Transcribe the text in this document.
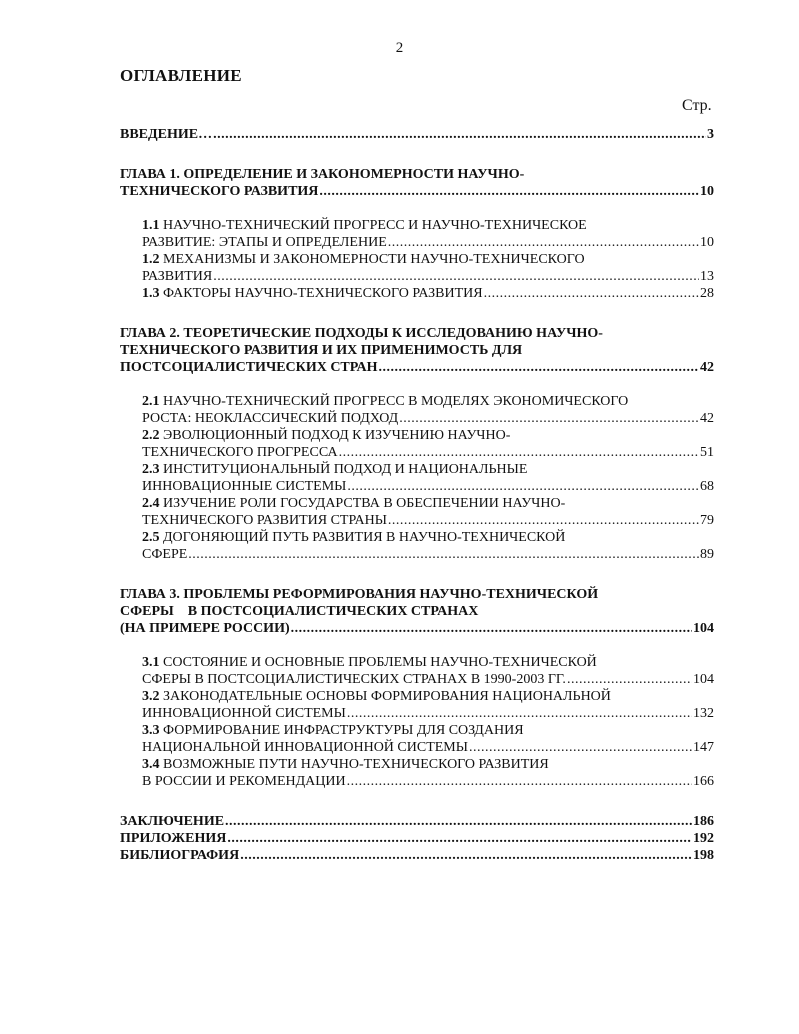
2
ОГЛАВЛЕНИЕ
Стр.
ВВЕДЕНИЕ … .....	3
ГЛАВА 1. ОПРЕДЕЛЕНИЕ И ЗАКОНОМЕРНОСТИ НАУЧНО-
ТЕХНИЧЕСКОГО РАЗВИТИЯ .....	10
1.1 НАУЧНО-ТЕХНИЧЕСКИЙ ПРОГРЕСС И НАУЧНО-ТЕХНИЧЕСКОЕ
РАЗВИТИЕ: ЭТАПЫ И ОПРЕДЕЛЕНИЕ .....	10
1.2 МЕХАНИЗМЫ И ЗАКОНОМЕРНОСТИ НАУЧНО-ТЕХНИЧЕСКОГО
РАЗВИТИЯ .....	13
1.3 ФАКТОРЫ НАУЧНО-ТЕХНИЧЕСКОГО РАЗВИТИЯ .....	28
ГЛАВА 2. ТЕОРЕТИЧЕСКИЕ ПОДХОДЫ К ИССЛЕДОВАНИЮ НАУЧНО-
ТЕХНИЧЕСКОГО РАЗВИТИЯ И ИХ ПРИМЕНИМОСТЬ ДЛЯ
ПОСТСОЦИАЛИСТИЧЕСКИХ СТРАН .....	42
2.1 НАУЧНО-ТЕХНИЧЕСКИЙ ПРОГРЕСС В МОДЕЛЯХ ЭКОНОМИЧЕСКОГО
РОСТА: НЕОКЛАССИЧЕСКИЙ ПОДХОД .....	42
2.2 ЭВОЛЮЦИОННЫЙ ПОДХОД К ИЗУЧЕНИЮ НАУЧНО-
ТЕХНИЧЕСКОГО ПРОГРЕССА .....	51
2.3 ИНСТИТУЦИОНАЛЬНЫЙ ПОДХОД И НАЦИОНАЛЬНЫЕ
ИННОВАЦИОННЫЕ СИСТЕМЫ .....	68
2.4 ИЗУЧЕНИЕ РОЛИ ГОСУДАРСТВА В ОБЕСПЕЧЕНИИ НАУЧНО-
ТЕХНИЧЕСКОГО РАЗВИТИЯ СТРАНЫ .....	79
2.5 ДОГОНЯЮЩИЙ ПУТЬ РАЗВИТИЯ В НАУЧНО-ТЕХНИЧЕСКОЙ
СФЕРЕ .....	89
ГЛАВА 3. ПРОБЛЕМЫ РЕФОРМИРОВАНИЯ НАУЧНО-ТЕХНИЧЕСКОЙ
СФЕРЫ    В ПОСТСОЦИАЛИСТИЧЕСКИХ СТРАНАХ
(НА ПРИМЕРЕ РОССИИ) .....	104
3.1 СОСТОЯНИЕ И ОСНОВНЫЕ ПРОБЛЕМЫ НАУЧНО-ТЕХНИЧЕСКОЙ
СФЕРЫ В ПОСТСОЦИАЛИСТИЧЕСКИХ СТРАНАХ В 1990-2003 ГГ. .....	104
3.2 ЗАКОНОДАТЕЛЬНЫЕ ОСНОВЫ ФОРМИРОВАНИЯ НАЦИОНАЛЬНОЙ
ИННОВАЦИОННОЙ СИСТЕМЫ .....	132
3.3 ФОРМИРОВАНИЕ ИНФРАСТРУКТУРЫ ДЛЯ СОЗДАНИЯ
НАЦИОНАЛЬНОЙ ИННОВАЦИОННОЙ СИСТЕМЫ .....	147
3.4 ВОЗМОЖНЫЕ ПУТИ НАУЧНО-ТЕХНИЧЕСКОГО РАЗВИТИЯ
В РОССИИ И РЕКОМЕНДАЦИИ .....	166
ЗАКЛЮЧЕНИЕ .....	186
ПРИЛОЖЕНИЯ .....	192
БИБЛИОГРАФИЯ .....	198
